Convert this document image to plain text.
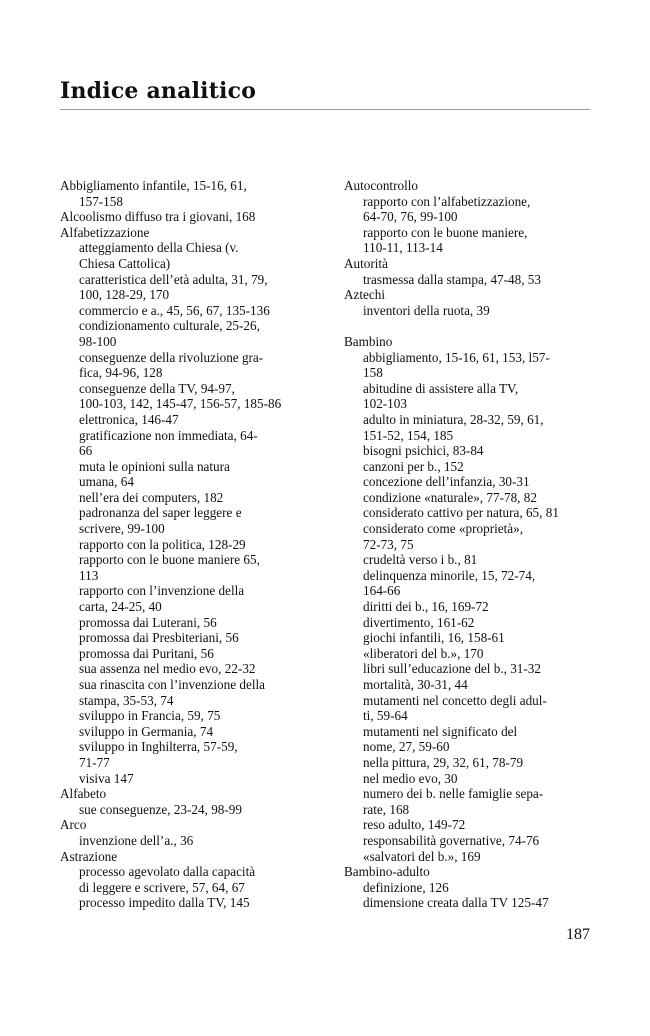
Indice analitico
Abbigliamento infantile, 15-16, 61,
157-158
Alcoolismo diffuso tra i giovani, 168
Alfabetizzazione
atteggiamento della Chiesa (v.
Chiesa Cattolica)
caratteristica dell’età adulta, 31, 79,
100, 128-29, 170
commercio e a., 45, 56, 67, 135-136
condizionamento culturale, 25-26,
98-100
conseguenze della rivoluzione gra-
fica, 94-96, 128
conseguenze della TV, 94-97,
100-103, 142, 145-47, 156-57, 185-86
elettronica, 146-47
gratificazione non immediata, 64-
66
muta le opinioni sulla natura
umana, 64
nell’era dei computers, 182
padronanza del saper leggere e
scrivere, 99-100
rapporto con la politica, 128-29
rapporto con le buone maniere 65,
113
rapporto con l’invenzione della
carta, 24-25, 40
promossa dai Luterani, 56
promossa dai Presbiteriani, 56
promossa dai Puritani, 56
sua assenza nel medio evo, 22-32
sua rinascita con l’invenzione della
stampa, 35-53, 74
sviluppo in Francia, 59, 75
sviluppo in Germania, 74
sviluppo in Inghilterra, 57-59,
71-77
visiva 147
Alfabeto
sue conseguenze, 23-24, 98-99
Arco
invenzione dell’a., 36
Astrazione
processo agevolato dalla capacità
di leggere e scrivere, 57, 64, 67
processo impedito dalla TV, 145
Autocontrollo
rapporto con l’alfabetizzazione,
64-70, 76, 99-100
rapporto con le buone maniere,
110-11, 113-14
Autorità
trasmessa dalla stampa, 47-48, 53
Aztechi
inventori della ruota, 39
Bambino
abbigliamento, 15-16, 61, 153, l57-
158
abitudine di assistere alla TV,
102-103
adulto in miniatura, 28-32, 59, 61,
151-52, 154, 185
bisogni psichici, 83-84
canzoni per b., 152
concezione dell’infanzia, 30-31
condizione «naturale», 77-78, 82
considerato cattivo per natura, 65, 81
considerato come «proprietà»,
72-73, 75
crudeltà verso i b., 81
delinquenza minorile, 15, 72-74,
164-66
diritti dei b., 16, 169-72
divertimento, 161-62
giochi infantili, 16, 158-61
«liberatori del b.», 170
libri sull’educazione del b., 31-32
mortalità, 30-31, 44
mutamenti nel concetto degli adul-
ti, 59-64
mutamenti nel significato del
nome, 27, 59-60
nella pittura, 29, 32, 61, 78-79
nel medio evo, 30
numero dei b. nelle famiglie sepa-
rate, 168
reso adulto, 149-72
responsabilità governative, 74-76
«salvatori del b.», 169
Bambino-adulto
definizione, 126
dimensione creata dalla TV 125-47
187
